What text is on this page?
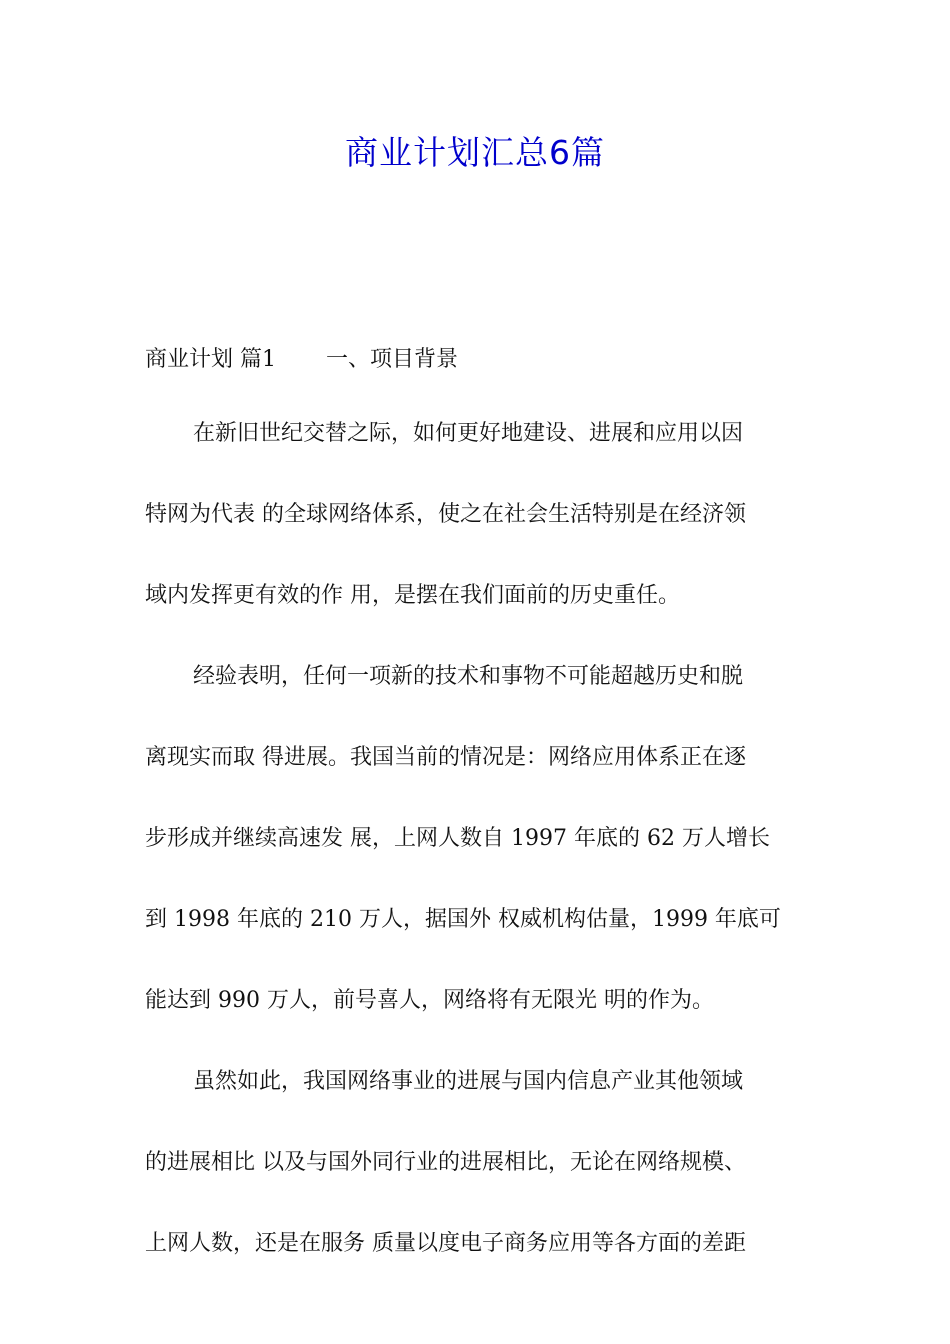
商业计划汇总6篇
商业计划 篇1 一、项目背景
在新旧世纪交替之际，如何更好地建设、进展和应用以因
特网为代表 的全球网络体系，使之在社会生活特别是在经济领
域内发挥更有效的作 用，是摆在我们面前的历史重任。
经验表明，任何一项新的技术和事物不可能超越历史和脱
离现实而取 得进展。我国当前的情况是：网络应用体系正在逐
步形成并继续高速发 展，上网人数自 1997 年底的 62 万人增长
到 1998 年底的 210 万人，据国外 权威机构估量，1999 年底可
能达到 990 万人，前号喜人，网络将有无限光 明的作为。
虽然如此，我国网络事业的进展与国内信息产业其他领域
的进展相比 以及与国外同行业的进展相比，无论在网络规模、
上网人数，还是在服务 质量以度电子商务应用等各方面的差距
